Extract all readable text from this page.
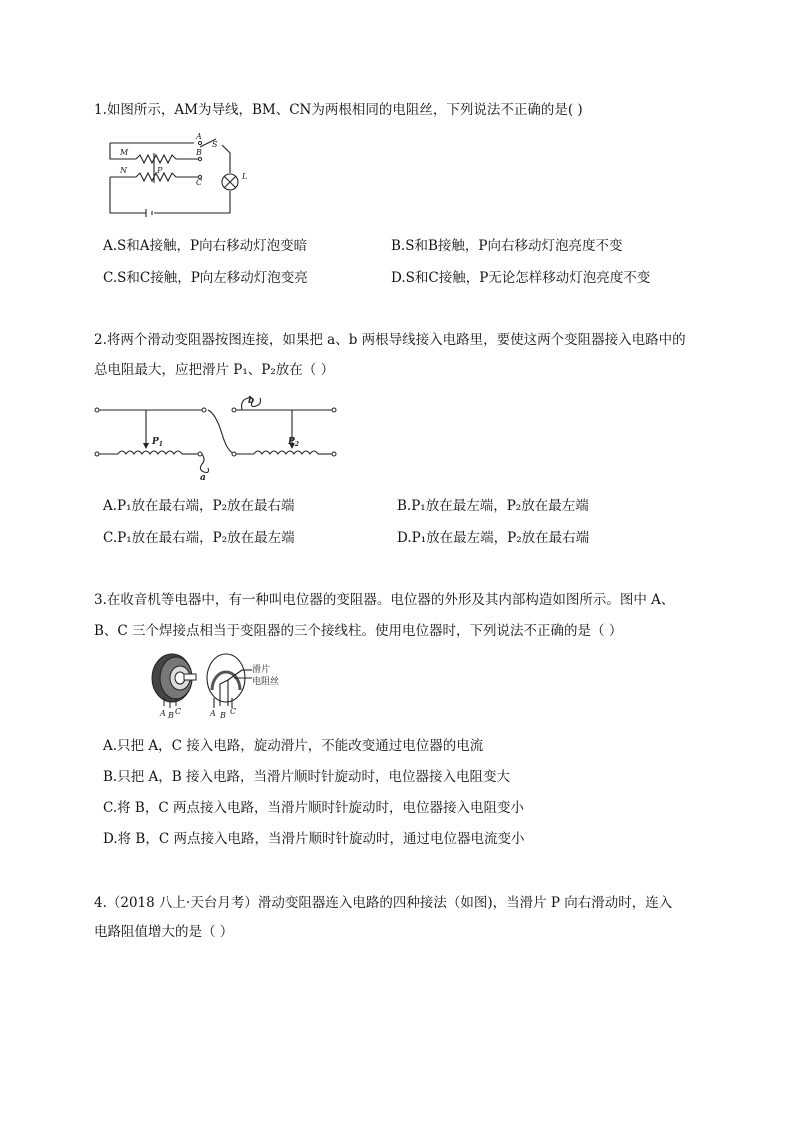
1.如图所示，AM为导线，BM、CN为两根相同的电阻丝，下列说法不正确的是( )
A
S
M	B
N	P
C
L
A.S和A接触，P向右移动灯泡变暗	B.S和B接触，P向右移动灯泡亮度不变
C.S和C接触，P向左移动灯泡变亮	D.S和C接触，P无论怎样移动灯泡亮度不变
2.将两个滑动变阻器按图连接，如果把 a、b 两根导线接入电路里，要使这两个变阻器接入电路中的
总电阻最大，应把滑片 P₁、P₂放在（ ）
$P_1$	$P_2$
b
a
A.P₁放在最右端，P₂放在最右端	B.P₁放在最左端，P₂放在最左端
C.P₁放在最右端，P₂放在最左端	D.P₁放在最左端，P₂放在最右端
3.在收音机等电器中，有一种叫电位器的变阻器。电位器的外形及其内部构造如图所示。图中 A、
B、C 三个焊接点相当于变阻器的三个接线柱。使用电位器时，下列说法不正确的是（ ）
滑片
电阻丝
A B C	A B C
A.只把 A，C 接入电路，旋动滑片，不能改变通过电位器的电流
B.只把 A，B 接入电路，当滑片顺时针旋动时，电位器接入电阻变大
C.将 B，C 两点接入电路，当滑片顺时针旋动时，电位器接入电阻变小
D.将 B，C 两点接入电路，当滑片顺时针旋动时，通过电位器电流变小
4.（2018 八上·天台月考）滑动变阻器连入电路的四种接法（如图)，当滑片 P 向右滑动时，连入
电路阻值增大的是（ ）
